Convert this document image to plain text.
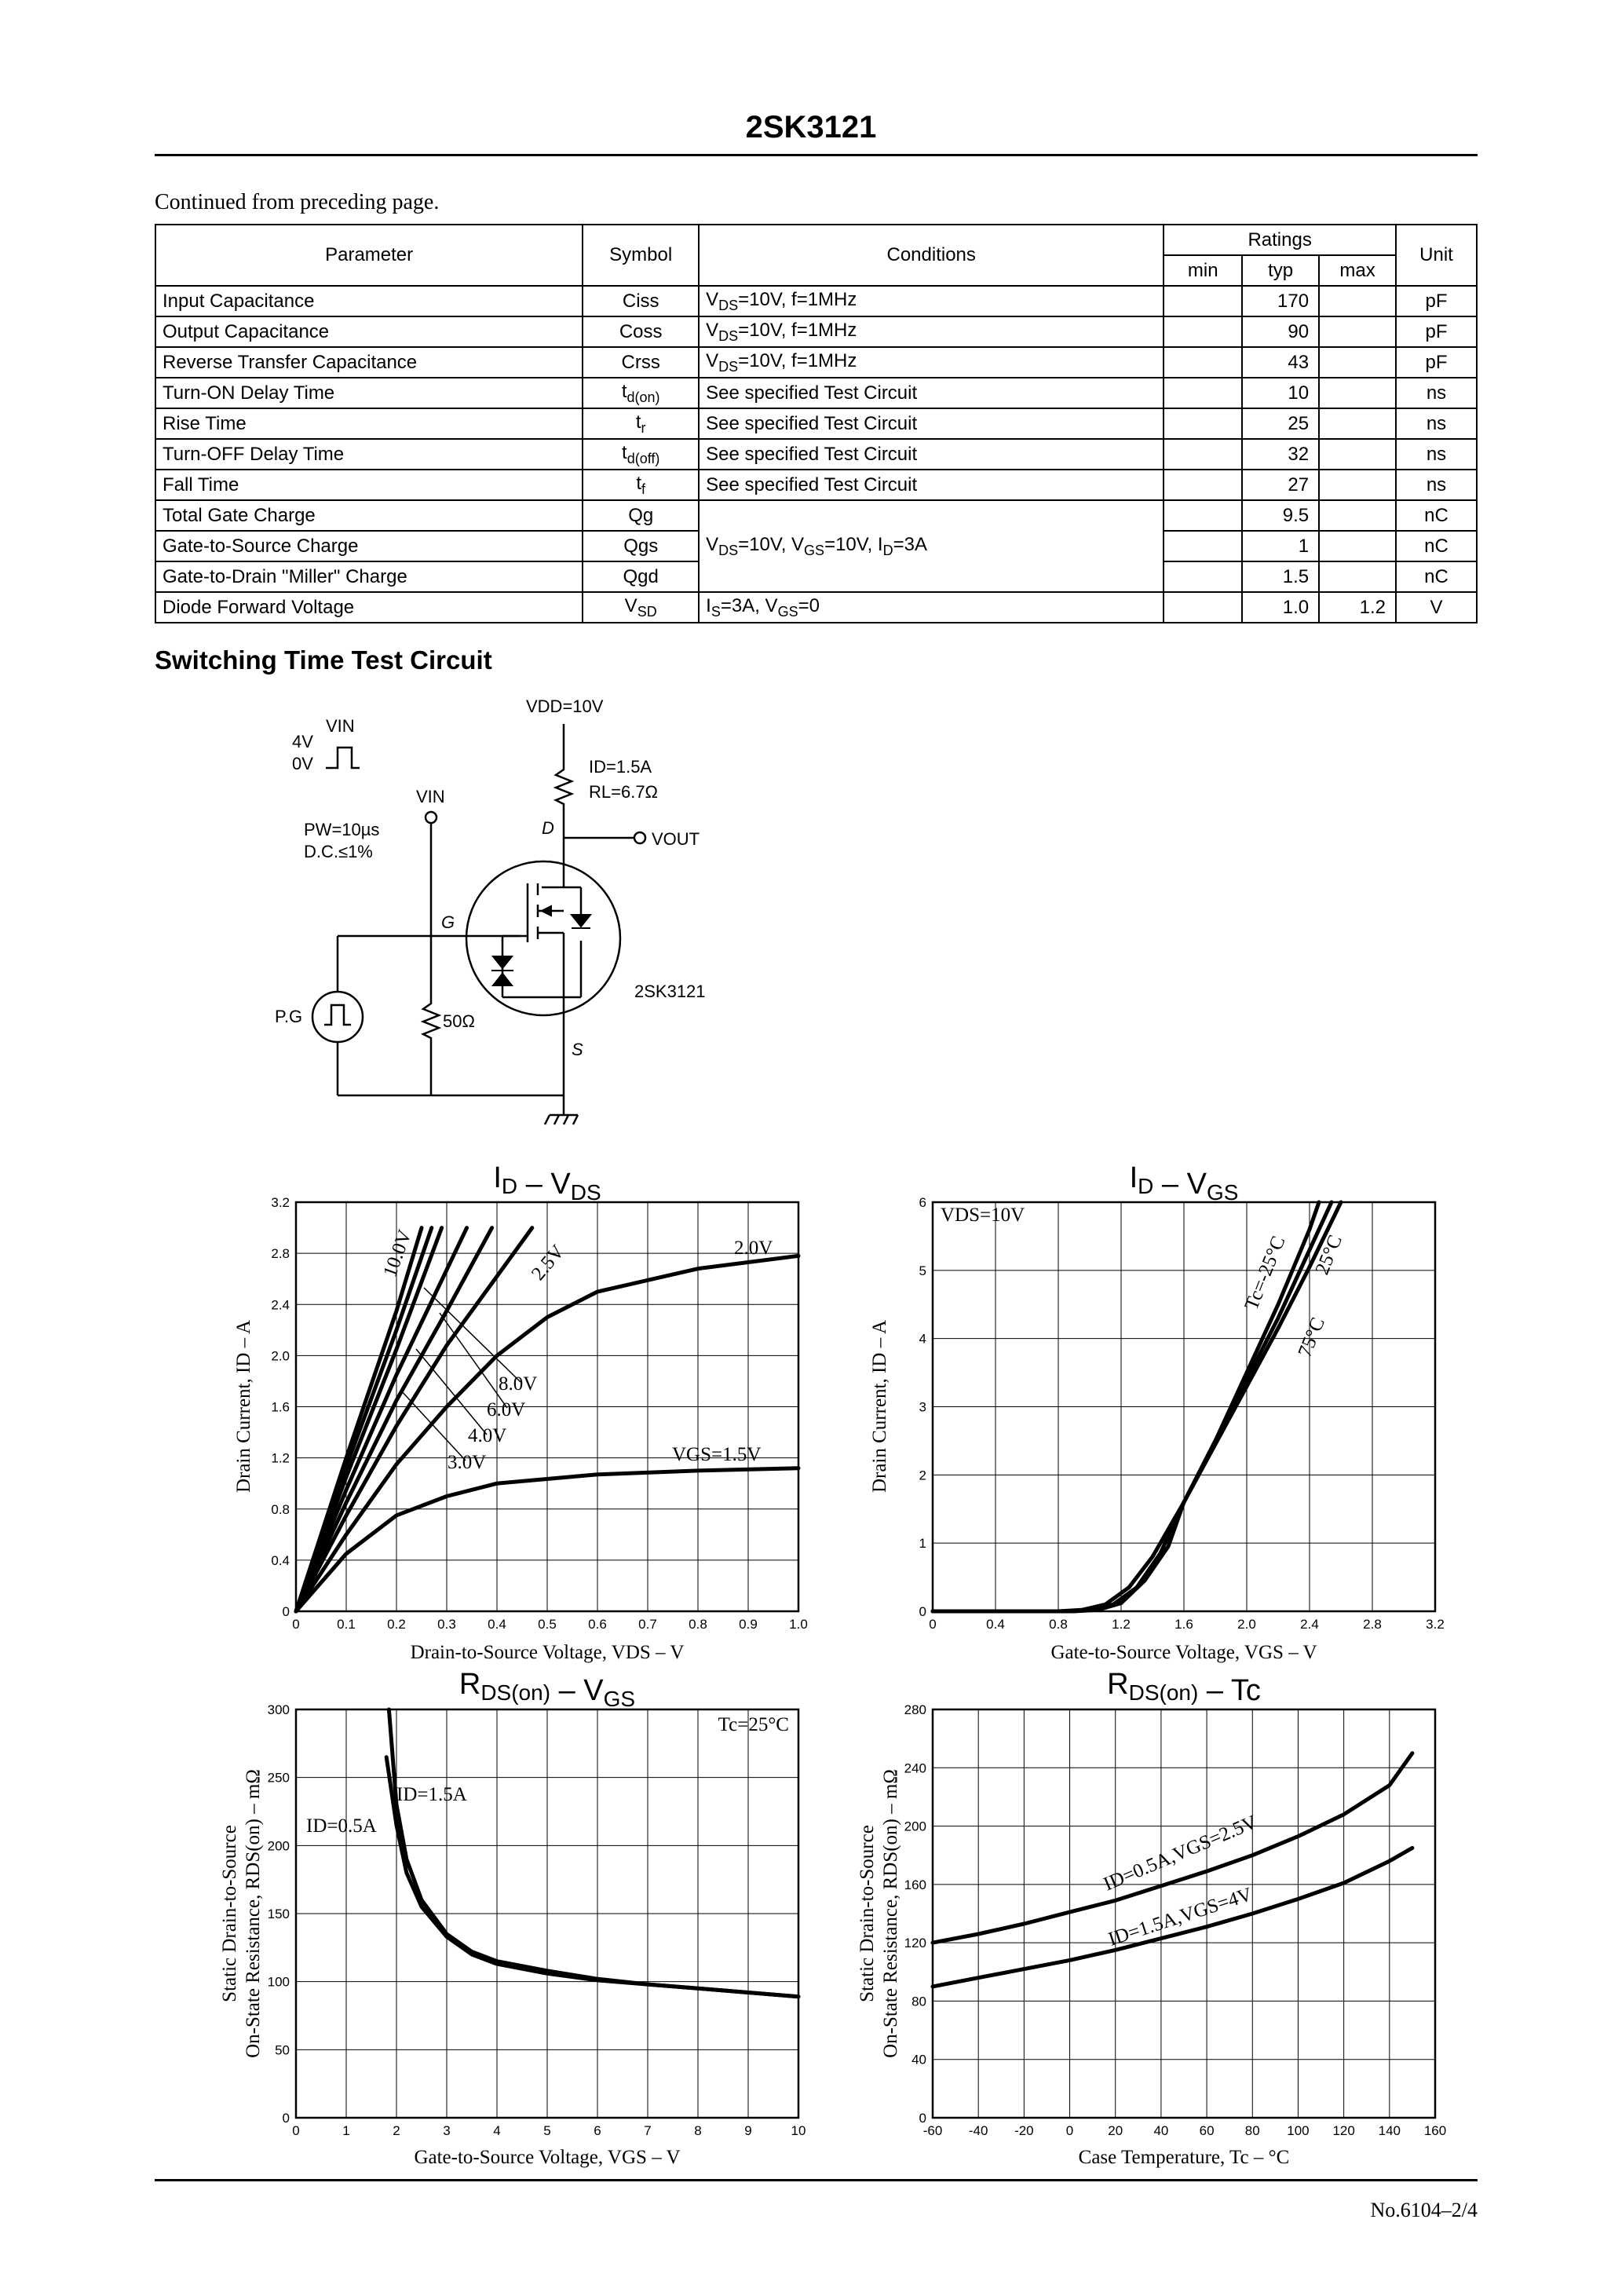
2SK3121
Continued from preceding page.
Parameter	Symbol	Conditions	Ratings			Unit
			min	typ	max	
Input Capacitance	Ciss	$V_{DS}=10V$, f=1MHz		170		pF
Output Capacitance	Coss	$V_{DS}=10V$, f=1MHz		90		pF
Reverse Transfer Capacitance	Crss	$V_{DS}=10V$, f=1MHz		43		pF
Turn-ON Delay Time	$t_{d(on)}$	See specified Test Circuit		10		ns
Rise Time	$t_r$	See specified Test Circuit		25		ns
Turn-OFF Delay Time	$t_{d(off)}$	See specified Test Circuit		32		ns
Fall Time	$t_f$	See specified Test Circuit		27		ns
Total Gate Charge	Qg	$V_{DS}=10V$, $V_{GS}=10V$, $I_D=3A$		9.5		nC
Gate-to-Source Charge	Qgs			1		nC
Gate-to-Drain "Miller" Charge	Qgd			1.5		nC
Diode Forward Voltage	$V_{SD}$	$I_S=3A$, $V_{GS}=0$		1.0	1.2	V
Switching Time Test Circuit
4V
0V
VIN
VIN
PW=10µs
D.C.≤1%
VDD=10V
ID=1.5A
RL=6.7Ω
D
G
S
VOUT
2SK3121
P.G	50Ω
0	0.1 0.2 0.3 0.4 0.5 0.6 0.7 0.8 0.9 1.0
0
0.4
0.8
1.2
1.6
2.0
2.4
2.8
3.2
$I_D - V_{DS}$
Drain-to-Source Voltage, VDS – V
Drain Current, ID – A	VGS=1.5V
2.0V
2.5V
3.0V
4.0V
6.0V
8.0V
10.0V
0	0.4	0.8	1.2	1.6	2.0	2.4	2.8	3.2
0
1
2
3
4
5
6
$I_D - V_{GS}$
Gate-to-Source Voltage, VGS – V
Drain Current, ID – A
VDS=10V
Tc=-25°C 25°C
75°C
0	1	2	3	4	5	6	7	8	9	10
0
50
100
150
200
250
300
$R_{DS(on)} - V_{GS}$
Gate-to-Source Voltage, VGS – V
Static Drain-to-Source On-State Resistance, RDS(on) – mΩ
Tc=25°C
ID=0.5A
ID=1.5A
-60 -40 -20 0	20 40 60 80 100 120 140 160
0
40
80
120
160
200
240
280
$R_{DS(on)}$ – Tc
Case Temperature, Tc – °C
Static Drain-to-Source On-State Resistance, RDS(on) – mΩ	ID=0.5A,VGS=2.5V
ID=1.5A,VGS=4V
No.6104–2/4
